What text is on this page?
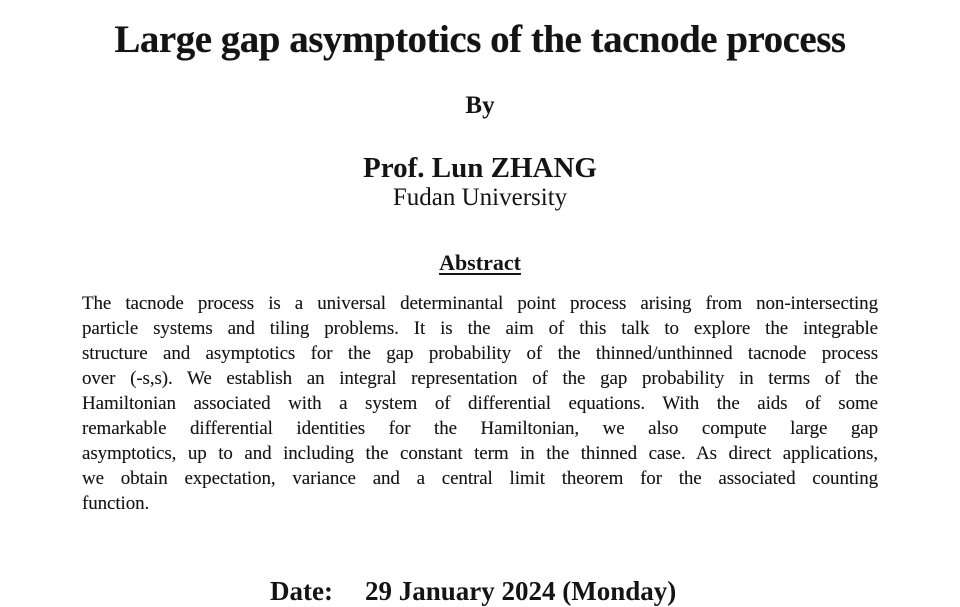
Large gap asymptotics of the tacnode process
By
Prof. Lun ZHANG
Fudan University
Abstract
The tacnode process is a universal determinantal point process arising from non-intersecting
particle systems and tiling problems. It is the aim of this talk to explore the integrable
structure and asymptotics for the gap probability of the thinned/unthinned tacnode process
over (-s,s). We establish an integral representation of the gap probability in terms of the
Hamiltonian associated with a system of differential equations. With the aids of some
remarkable differential identities for the Hamiltonian, we also compute large gap
asymptotics, up to and including the constant term in the thinned case. As direct applications,
we obtain expectation, variance and a central limit theorem for the associated counting
function.
Date: 29 January 2024 (Monday)
